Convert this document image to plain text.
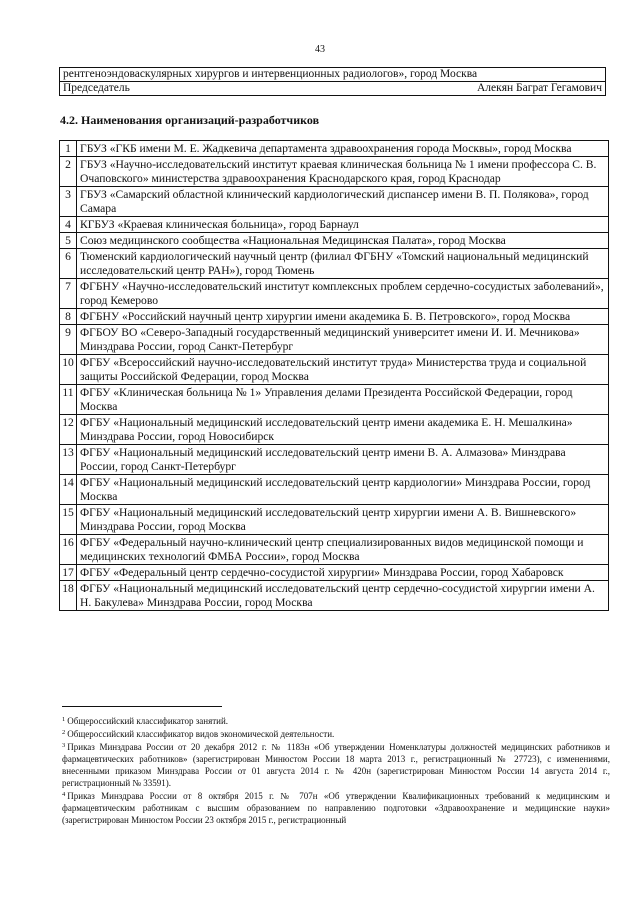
43
рентгеноэндоваскулярных хирургов и интервенционных радиологов», город Москва
Председатель	Алекян Баграт Гегамович
4.2. Наименования организаций-разработчиков
1	ГБУЗ «ГКБ имени М. Е. Жадкевича департамента здравоохранения города Москвы», город Москва
2	ГБУЗ «Научно-исследовательский институт краевая клиническая больница № 1 имени профессора С. В. Очаповского» министерства здравоохранения Краснодарского края, город Краснодар
3	ГБУЗ «Самарский областной клинический кардиологический диспансер имени В. П. Полякова», город Самара
4	КГБУЗ «Краевая клиническая больница», город Барнаул
5	Союз медицинского сообщества «Национальная Медицинская Палата», город Москва
6	Тюменский кардиологический научный центр (филиал ФГБНУ «Томский национальный медицинский исследовательский центр РАН»), город Тюмень
7	ФГБНУ «Научно-исследовательский институт комплексных проблем сердечно-сосудистых заболеваний», город Кемерово
8	ФГБНУ «Российский научный центр хирургии имени академика Б. В. Петровского», город Москва
9	ФГБОУ ВО «Северо-Западный государственный медицинский университет имени И. И. Мечникова» Минздрава России, город Санкт-Петербург
10	ФГБУ «Всероссийский научно-исследовательский институт труда» Министерства труда и социальной защиты Российской Федерации, город Москва
11	ФГБУ «Клиническая больница № 1» Управления делами Президента Российской Федерации, город Москва
12	ФГБУ «Национальный медицинский исследовательский центр имени академика Е. Н. Мешалкина» Минздрава России, город Новосибирск
13	ФГБУ «Национальный медицинский исследовательский центр имени В. А. Алмазова» Минздрава России, город Санкт-Петербург
14	ФГБУ «Национальный медицинский исследовательский центр кардиологии» Минздрава России, город Москва
15	ФГБУ «Национальный медицинский исследовательский центр хирургии имени А. В. Вишневского» Минздрава России, город Москва
16	ФГБУ «Федеральный научно-клинический центр специализированных видов медицинской помощи и медицинских технологий ФМБА России», город Москва
17	ФГБУ «Федеральный центр сердечно-сосудистой хирургии» Минздрава России, город Хабаровск
18	ФГБУ «Национальный медицинский исследовательский центр сердечно-сосудистой хирургии имени А. Н. Бакулева» Минздрава России, город Москва

$^1$ Общероссийский классификатор занятий.

$^2$ Общероссийский классификатор видов экономической деятельности.

$^3$ Приказ Минздрава России от 20 декабря 2012 г. № 1183н «Об утверждении Номенклатуры должностей медицинских работников и фармацевтических работников» (зарегистрирован Минюстом России 18 марта 2013 г., регистрационный № 27723), с изменениями, внесенными приказом Минздрава России от 01 августа 2014 г. № 420н (зарегистрирован Минюстом России 14 августа 2014 г., регистрационный № 33591).

$^4$ Приказ Минздрава России от 8 октября 2015 г. № 707н «Об утверждении Квалификационных требований к медицинским и фармацевтическим работникам с высшим образованием по направлению подготовки «Здравоохранение и медицинские науки» (зарегистрирован Минюстом России 23 октября 2015 г., регистрационный
